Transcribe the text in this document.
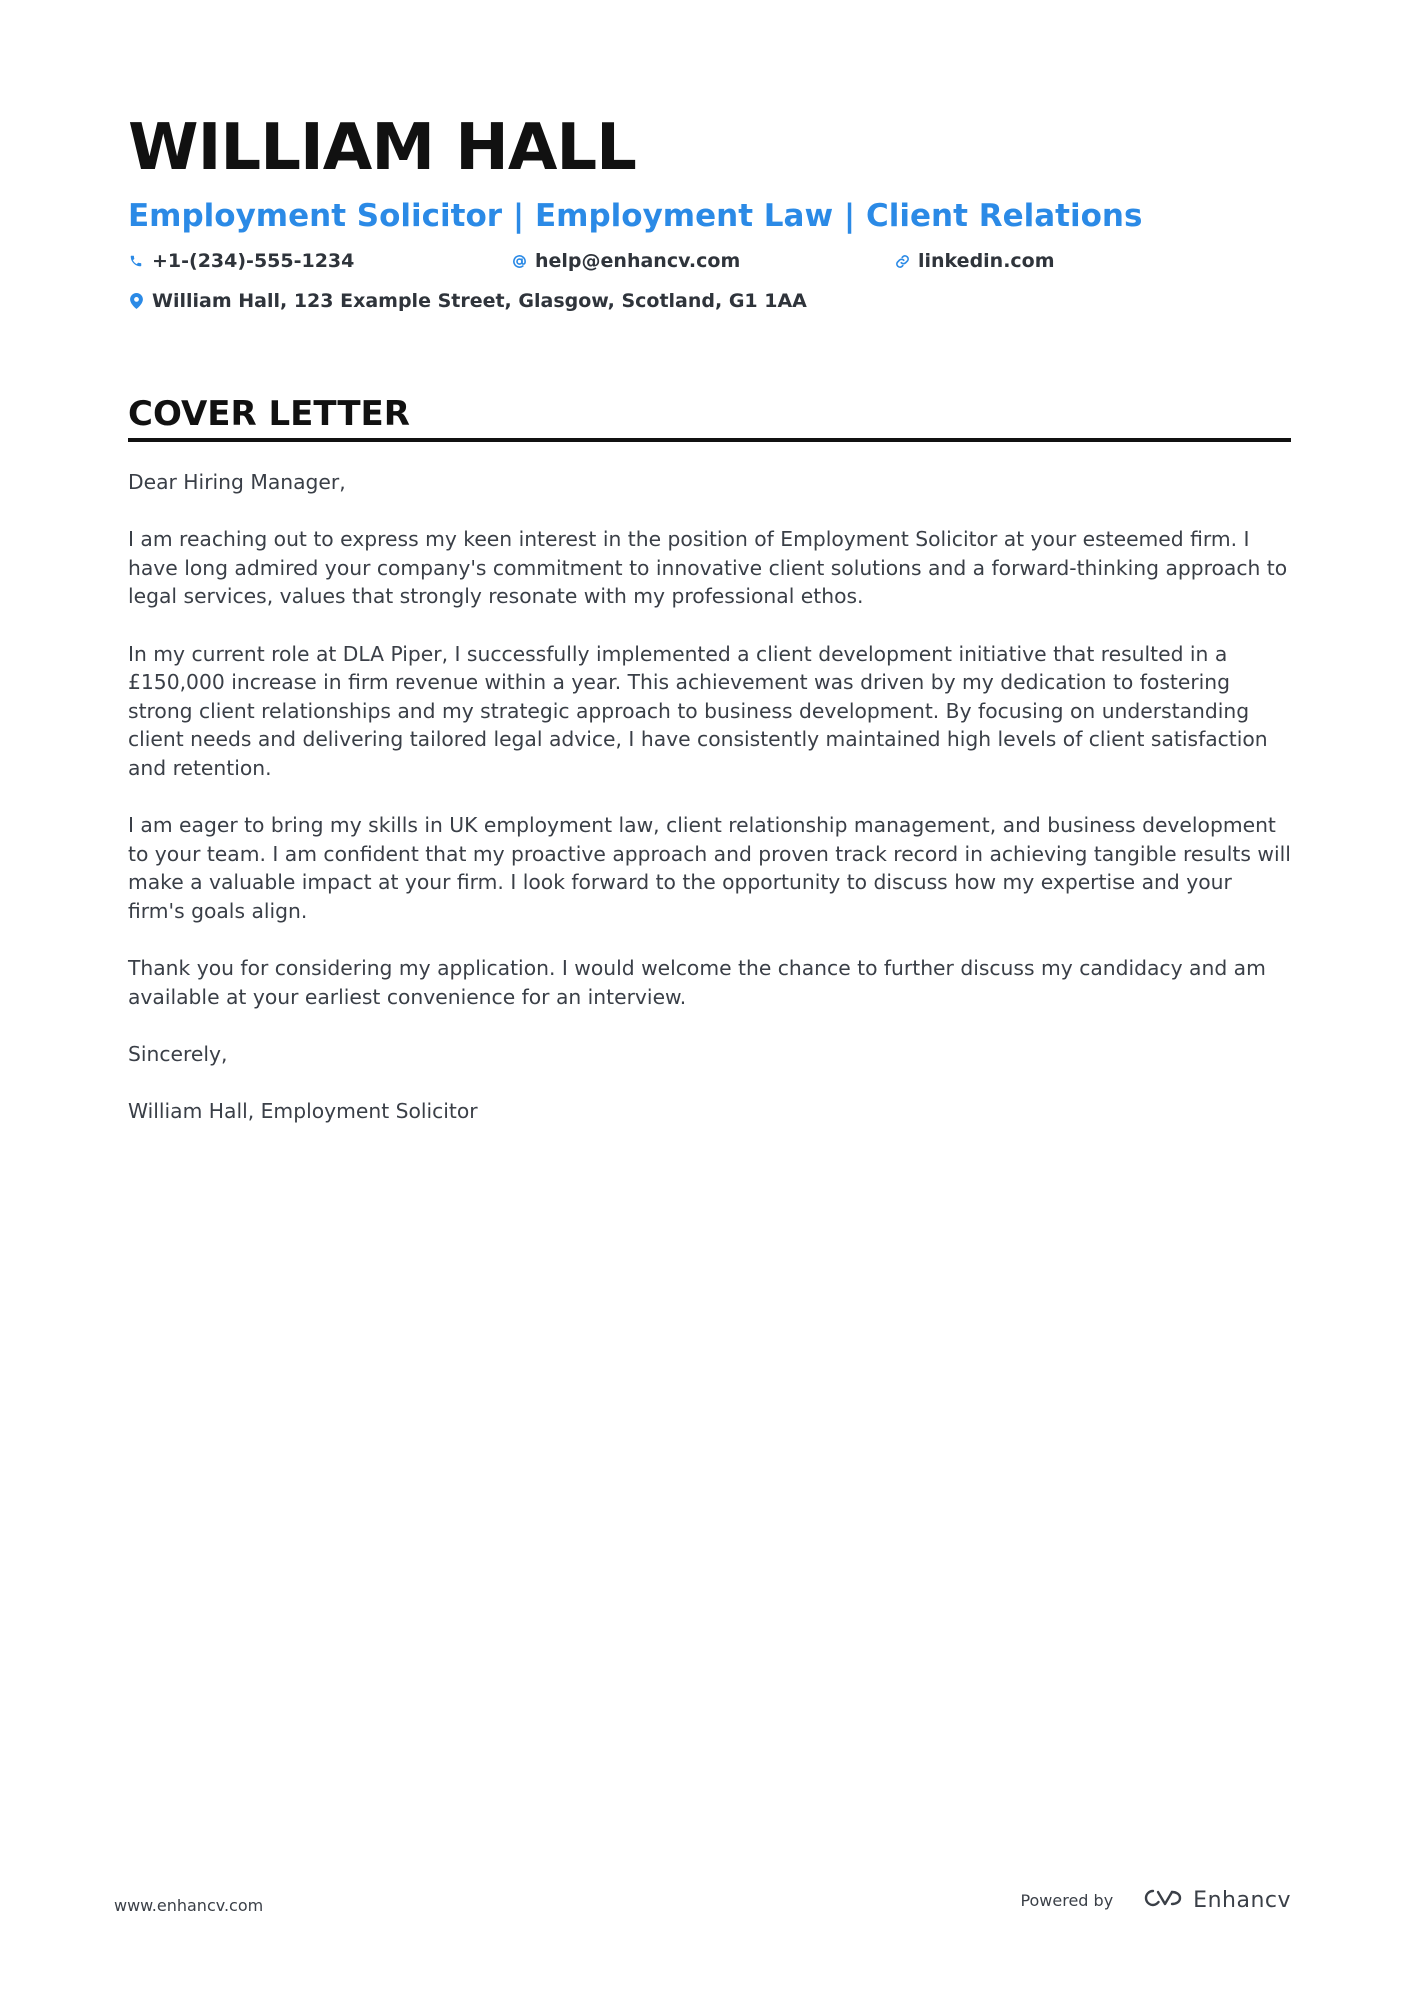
WILLIAM HALL
Employment Solicitor | Employment Law | Client Relations
+1-(234)-555-1234	help@enhancv.com	linkedin.com
William Hall, 123 Example Street, Glasgow, Scotland, G1 1AA
COVER LETTER

Dear Hiring Manager,

I am reaching out to express my keen interest in the position of Employment Solicitor at your esteemed firm. I have long admired your company's commitment to innovative client solutions and a forward-thinking approach to legal services, values that strongly resonate with my professional ethos.

In my current role at DLA Piper, I successfully implemented a client development initiative that resulted in a £150,000 increase in firm revenue within a year. This achievement was driven by my dedication to fostering strong client relationships and my strategic approach to business development. By focusing on understanding client needs and delivering tailored legal advice, I have consistently maintained high levels of client satisfaction and retention.

I am eager to bring my skills in UK employment law, client relationship management, and business development to your team. I am confident that my proactive approach and proven track record in achieving tangible results will make a valuable impact at your firm. I look forward to the opportunity to discuss how my expertise and your firm's goals align.

Thank you for considering my application. I would welcome the chance to further discuss my candidacy and am available at your earliest convenience for an interview.

Sincerely,

William Hall, Employment Solicitor

www.enhancv.com	Powered by	Enhancv
